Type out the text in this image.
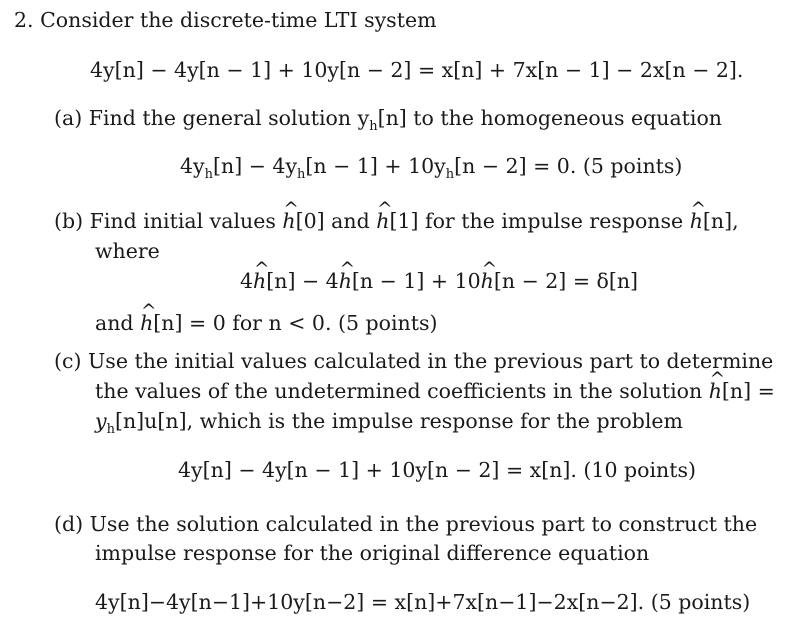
2. Consider the discrete-time LTI system
4y[n] − 4y[n − 1] + 10y[n − 2] = x[n] + 7x[n − 1] − 2x[n − 2].
(a) Find the general solution $y_h[n]$ to the homogeneous equation
$4y_h[n] - 4y_h[n - 1] + 10y_h[n - 2] = 0$. (5 points)
(b) Find initial values ^ h[0] and ^ h[1] for the impulse response ^ h[n],
where
4^ h[n] − 4^ h[n − 1] + 10^ h[n − 2] = δ[n]
and ^ h[n] = 0 for n < 0. (5 points)
(c) Use the initial values calculated in the previous part to determine
the values of the undetermined coefficients in the solution ^ h[n] =
$y_h[n]u[n]$, which is the impulse response for the problem
4y[n] − 4y[n − 1] + 10y[n − 2] = x[n]. (10 points)
(d) Use the solution calculated in the previous part to construct the
impulse response for the original difference equation
4y[n]−4y[n−1]+10y[n−2] = x[n]+7x[n−1]−2x[n−2]. (5 points)
